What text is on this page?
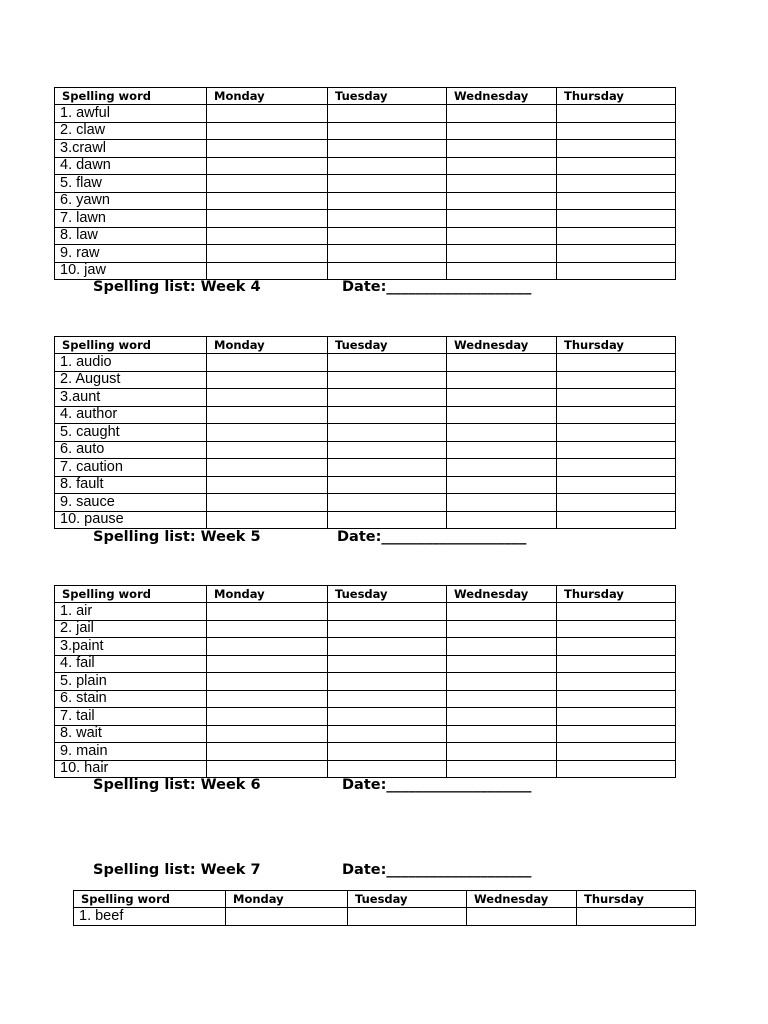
Spelling word	Monday	Tuesday	Wednesday	Thursday
1. awful				
2. claw				
3.crawl				
4. dawn				
5. flaw				
6. yawn				
7. lawn				
8. law				
9. raw				
10. jaw				
Spelling list: Week 4	Date:____________________
Spelling word	Monday	Tuesday	Wednesday	Thursday
1. audio				
2. August				
3.aunt				
4. author				
5. caught				
6. auto				
7. caution				
8. fault				
9. sauce				
10. pause				
Spelling list: Week 5	Date:____________________
Spelling word	Monday	Tuesday	Wednesday	Thursday
1. air				
2. jail				
3.paint				
4. fail				
5. plain				
6. stain				
7. tail				
8. wait				
9. main				
10. hair				
Spelling list: Week 6	Date:____________________
Spelling list: Week 7	Date:____________________
Spelling word	Monday	Tuesday	Wednesday	Thursday
1. beef				
